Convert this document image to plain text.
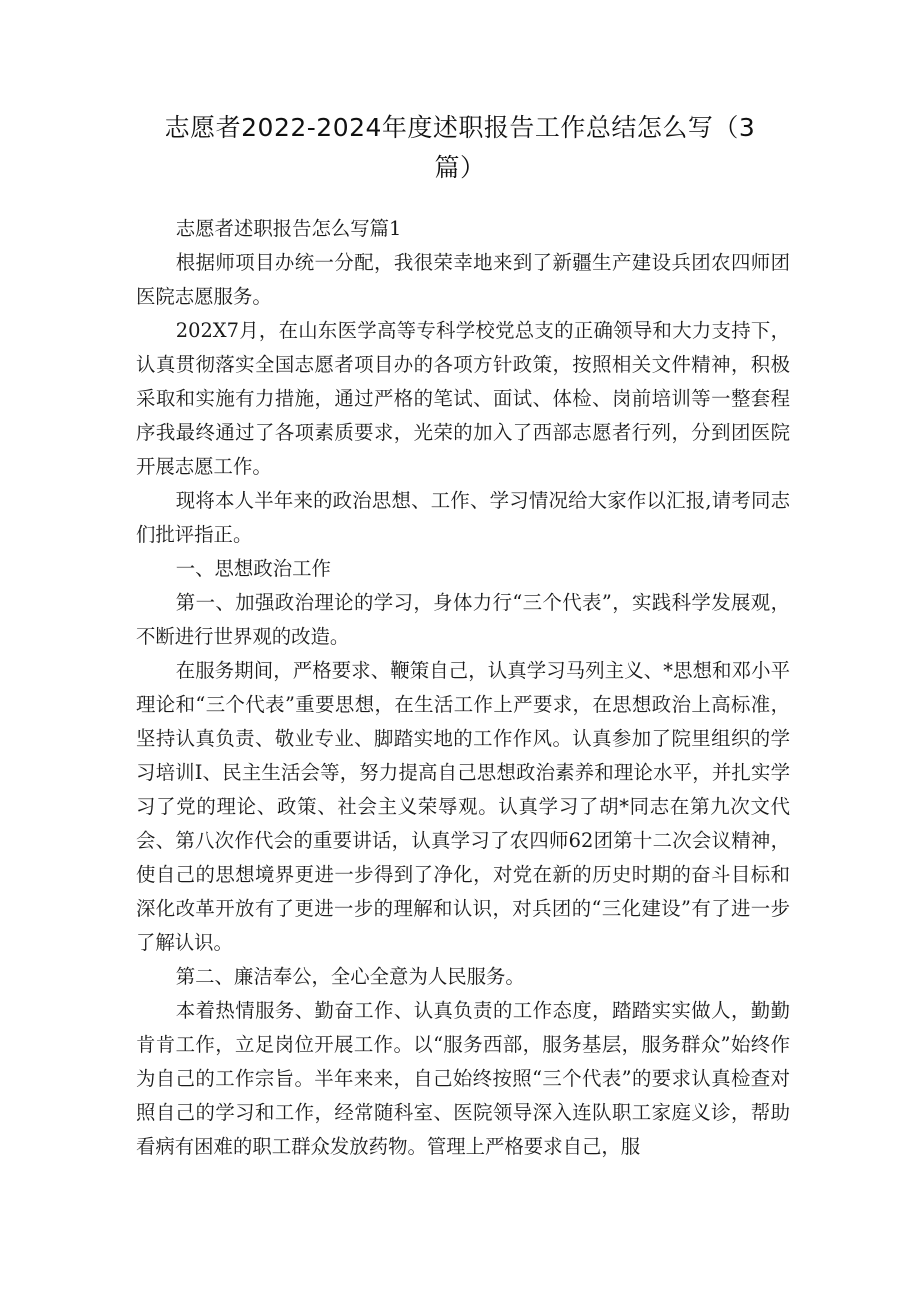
志愿者2022-2024年度述职报告工作总结怎么写（3篇）

志愿者述职报告怎么写篇1

根据师项目办统一分配，我很荣幸地来到了新疆生产建设兵团农四师团医院志愿服务。

202X7月，在山东医学高等专科学校党总支的正确领导和大力支持下，认真贯彻落实全国志愿者项目办的各项方针政策，按照相关文件精神，积极采取和实施有力措施，通过严格的笔试、面试、体检、岗前培训等一整套程序我最终通过了各项素质要求，光荣的加入了西部志愿者行列，分到团医院开展志愿工作。

现将本人半年来的政治思想、工作、学习情况给大家作以汇报,请考同志们批评指正。

一、思想政治工作

第一、加强政治理论的学习，身体力行“三个代表”，实践科学发展观，不断进行世界观的改造。

在服务期间，严格要求、鞭策自己，认真学习马列主义、*思想和邓小平理论和“三个代表”重要思想，在生活工作上严要求，在思想政治上高标准，坚持认真负责、敬业专业、脚踏实地的工作作风。认真参加了院里组织的学习培训I、民主生活会等，努力提高自己思想政治素养和理论水平，并扎实学习了党的理论、政策、社会主义荣辱观。认真学习了胡*同志在第九次文代会、第八次作代会的重要讲话，认真学习了农四师62团第十二次会议精神，使自己的思想境界更进一步得到了净化，对党在新的历史时期的奋斗目标和深化改革开放有了更进一步的理解和认识，对兵团的“三化建设”有了进一步了解认识。

第二、廉洁奉公，全心全意为人民服务。

本着热情服务、勤奋工作、认真负责的工作态度，踏踏实实做人，勤勤肯肯工作，立足岗位开展工作。以“服务西部，服务基层，服务群众”始终作为自己的工作宗旨。半年来来，自己始终按照“三个代表”的要求认真检查对照自己的学习和工作，经常随科室、医院领导深入连队职工家庭义诊，帮助看病有困难的职工群众发放药物。管理上严格要求自己，服
